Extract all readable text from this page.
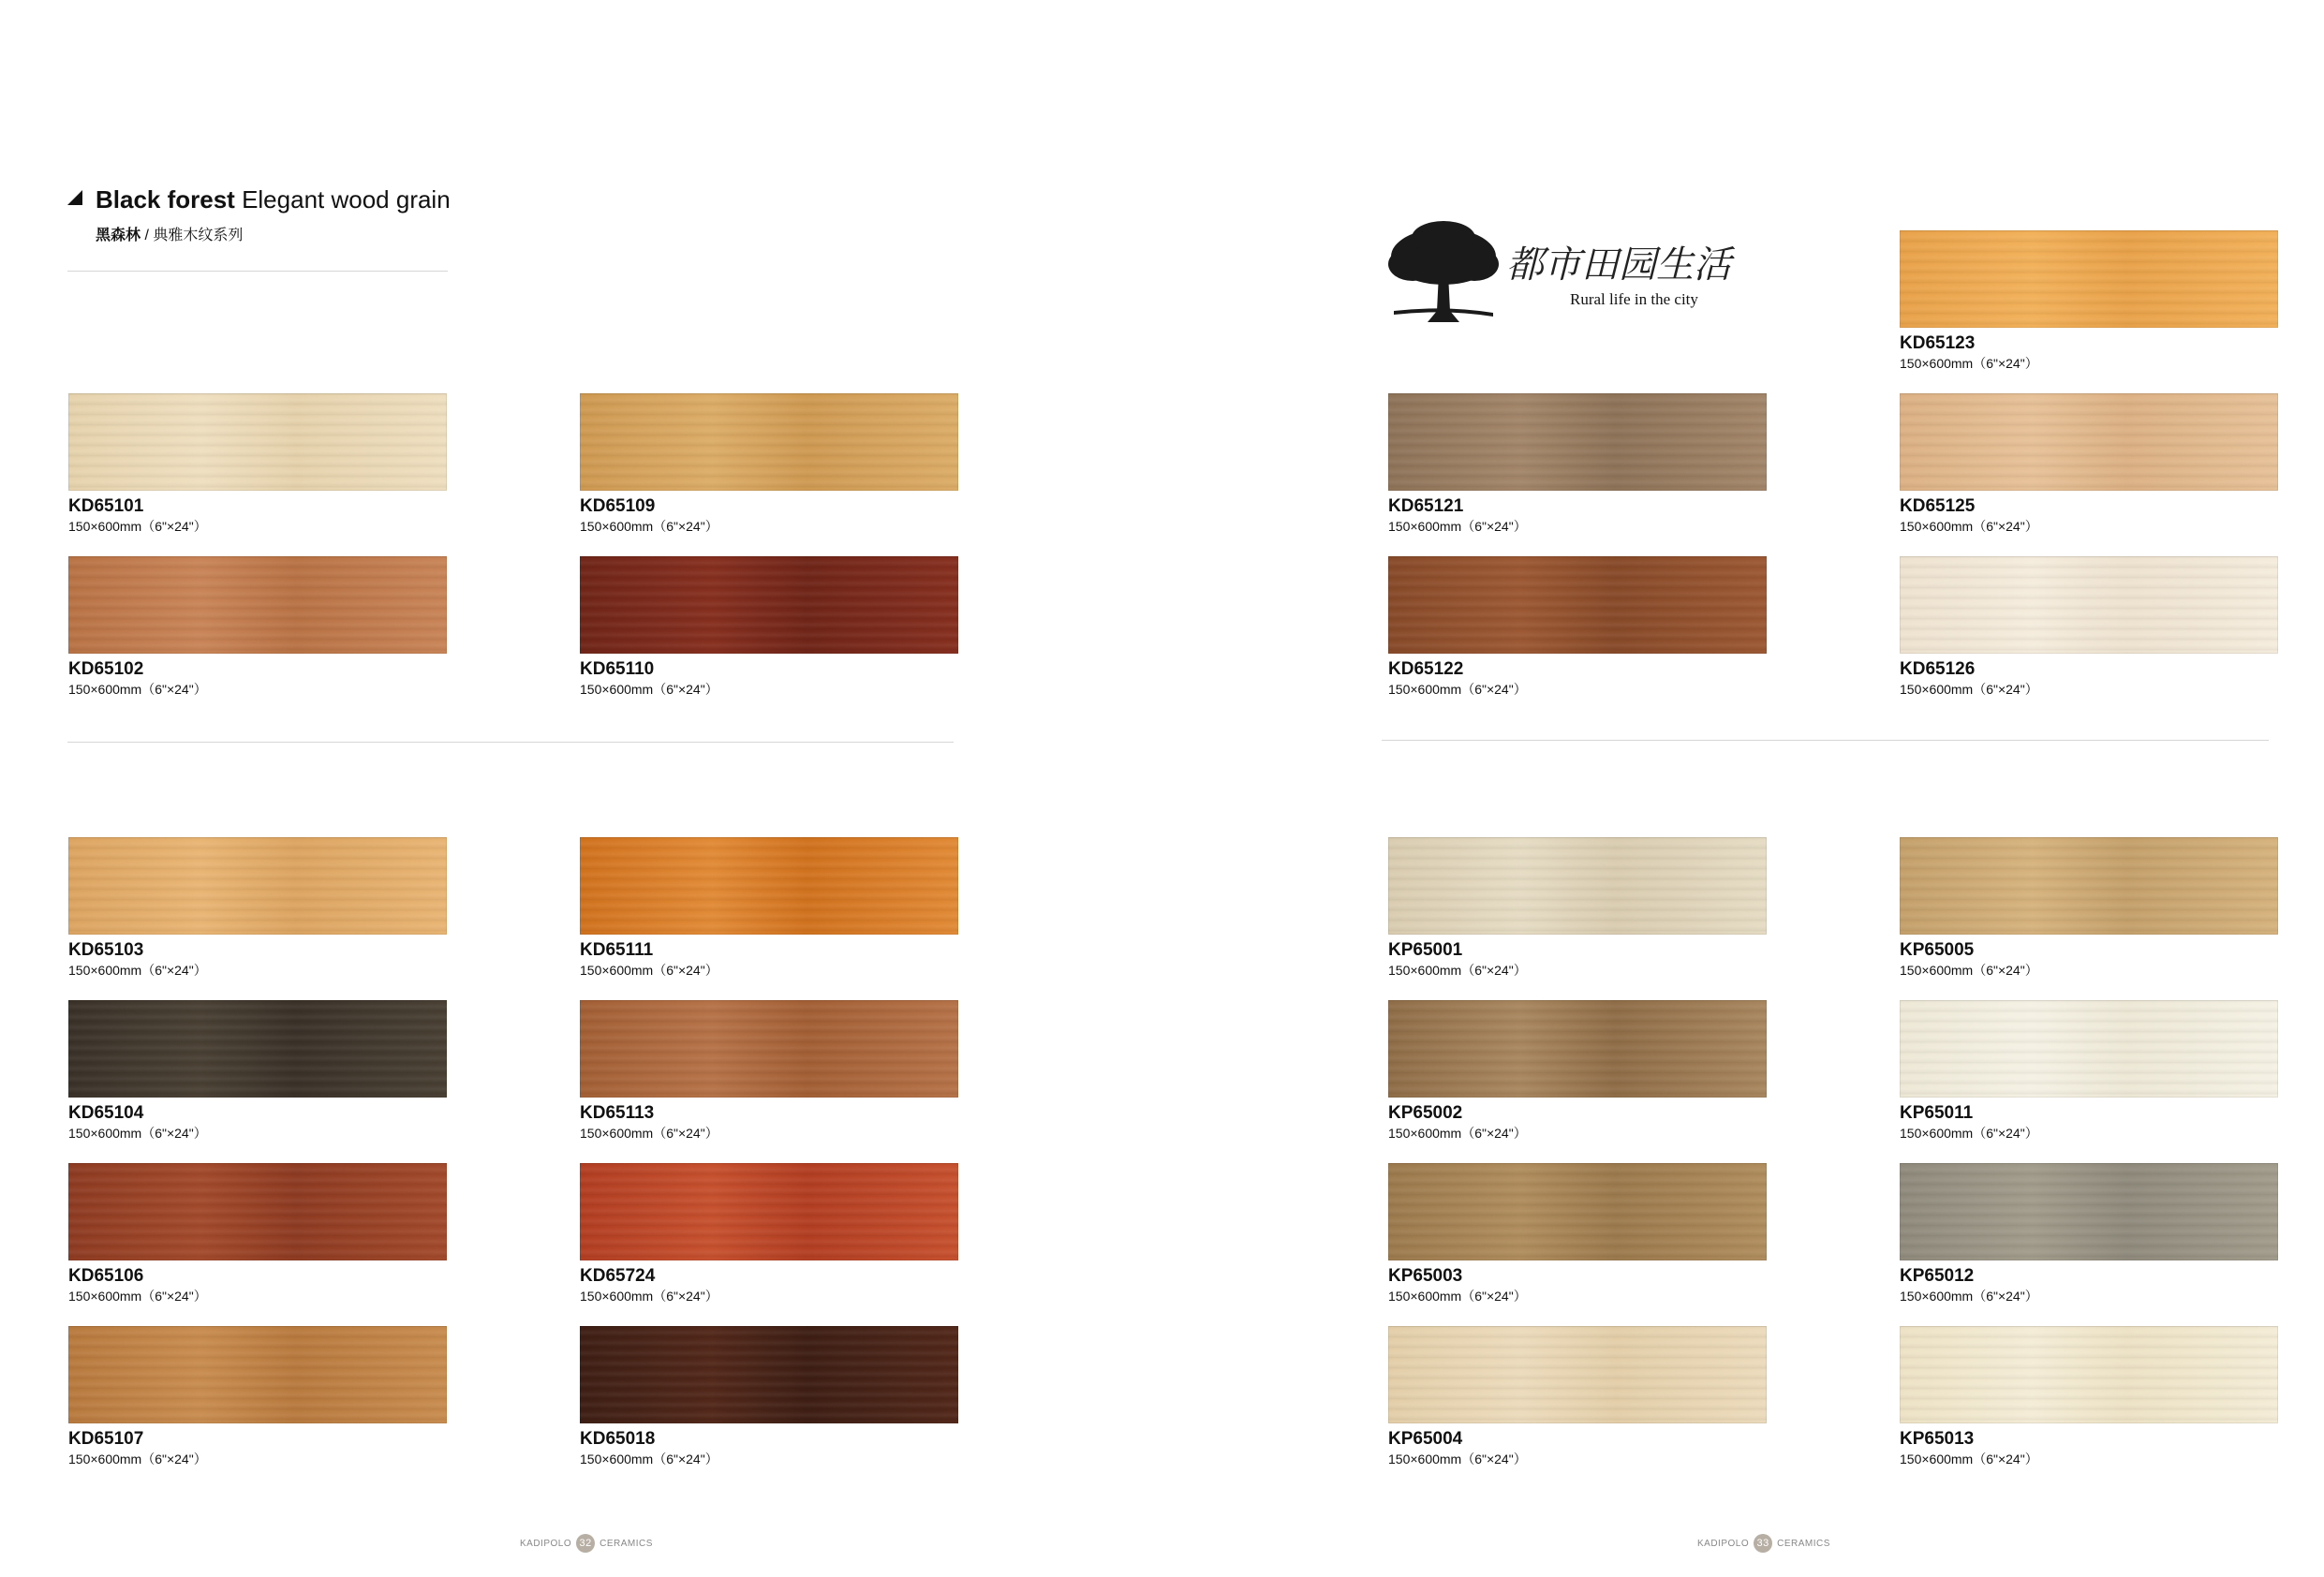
Black forest Elegant wood grain
黑森林 / 典雅木纹系列
都市田园生活
Rural life in the city
KD65101
150×600mm（6"×24"）
KD65109
150×600mm（6"×24"）
KD65102
150×600mm（6"×24"）
KD65110
150×600mm（6"×24"）
KD65103
150×600mm（6"×24"）
KD65111
150×600mm（6"×24"）
KD65104
150×600mm（6"×24"）
KD65113
150×600mm（6"×24"）
KD65106
150×600mm（6"×24"）
KD65724
150×600mm（6"×24"）
KD65107
150×600mm（6"×24"）
KD65018
150×600mm（6"×24"）
KD65123
150×600mm（6"×24"）
KD65121
150×600mm（6"×24"）
KD65125
150×600mm（6"×24"）
KD65122
150×600mm（6"×24"）
KD65126
150×600mm（6"×24"）
KP65001
150×600mm（6"×24"）
KP65005
150×600mm（6"×24"）
KP65002
150×600mm（6"×24"）
KP65011
150×600mm（6"×24"）
KP65003
150×600mm（6"×24"）
KP65012
150×600mm（6"×24"）
KP65004
150×600mm（6"×24"）
KP65013
150×600mm（6"×24"）
KADIPOLO 32 CERAMICS	KADIPOLO 33 CERAMICS
